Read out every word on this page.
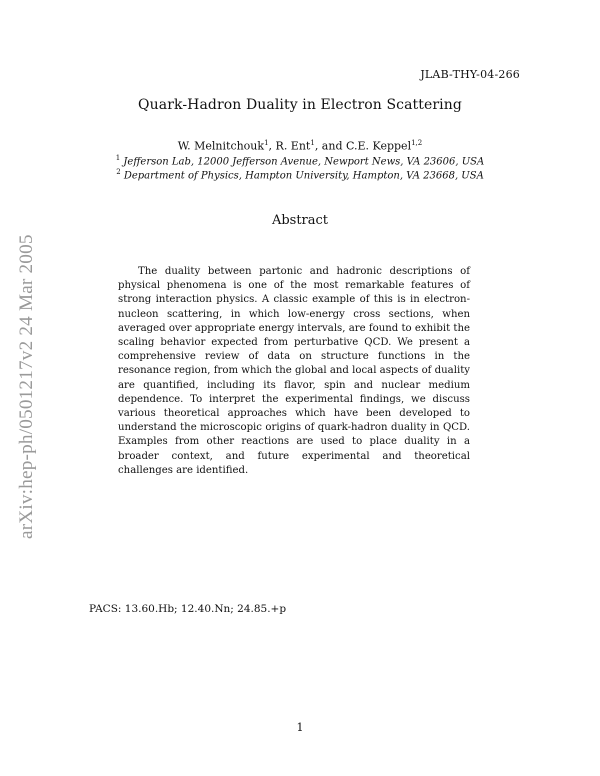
JLAB-THY-04-266
Quark-Hadron Duality in Electron Scattering
W. Melnitchouk$^1$, R. Ent$^1$, and C.E. Keppel$^{1,2}$
$^1$ Jefferson Lab, 12000 Jefferson Avenue, Newport News, VA 23606, USA
$^2$ Department of Physics, Hampton University, Hampton, VA 23668, USA
arXiv:hep-ph/0501217v2 24 Mar 2005
Abstract
The duality between partonic and hadronic descriptions of physical phenomena is one of the most remarkable features of strong interaction physics. A classic example of this is in electron-nucleon scattering, in which low-energy cross sections, when averaged over appropriate energy intervals, are found to exhibit the scaling behavior expected from perturbative QCD. We present a comprehensive review of data on structure functions in the resonance region, from which the global and local aspects of duality are quantified, including its flavor, spin and nuclear medium dependence. To interpret the experimental findings, we discuss various theoretical approaches which have been developed to understand the microscopic origins of quark-hadron duality in QCD. Examples from other reactions are used to place duality in a broader context, and future experimental and theoretical challenges are identified.
PACS: 13.60.Hb; 12.40.Nn; 24.85.+p
1
